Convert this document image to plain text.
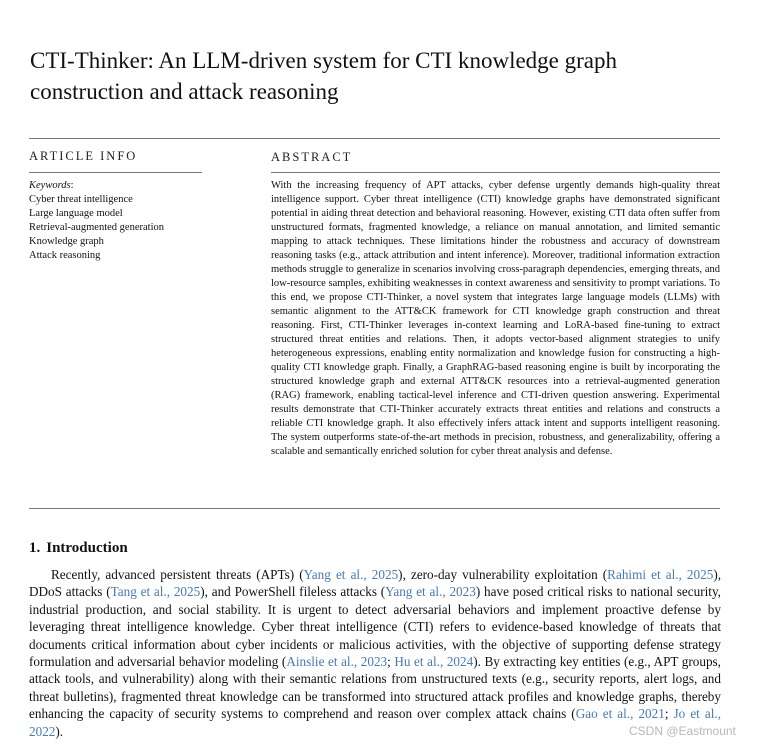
CTI-Thinker: An LLM-driven system for CTI knowledge graph
construction and attack reasoning
ARTICLE INFO	ABSTRACT
Keywords:
Cyber threat intelligence
Large language model
Retrieval-augmented generation
Knowledge graph
Attack reasoning
With the increasing frequency of APT attacks, cyber defense urgently demands high-quality threat intelligence support. Cyber threat intelligence (CTI) knowledge graphs have demonstrated significant potential in aiding threat detection and behavioral reasoning. However, existing CTI data often suffer from unstructured formats, fragmented knowledge, a reliance on manual annotation, and limited semantic mapping to attack techniques. These limitations hinder the robustness and accuracy of downstream reasoning tasks (e.g., attack attribution and intent inference). Moreover, traditional information extraction methods struggle to generalize in scenarios involving cross-paragraph dependencies, emerging threats, and low-resource samples, exhibiting weaknesses in context awareness and sensitivity to prompt variations. To this end, we propose CTI-Thinker, a novel system that integrates large language models (LLMs) with semantic alignment to the ATT&CK framework for CTI knowledge graph construction and threat reasoning. First, CTI-Thinker leverages in-context learning and LoRA-based fine-tuning to extract structured threat entities and relations. Then, it adopts vector-based alignment strategies to unify heterogeneous expressions, enabling entity normalization and knowledge fusion for constructing a high-quality CTI knowledge graph. Finally, a GraphRAG-based reasoning engine is built by incorporating the structured knowledge graph and external ATT&CK resources into a retrieval-augmented generation (RAG) framework, enabling tactical-level inference and CTI-driven question answering. Experimental results demonstrate that CTI-Thinker accurately extracts threat entities and relations and constructs a reliable CTI knowledge graph. It also effectively infers attack intent and supports intelligent reasoning. The system outperforms state-of-the-art methods in precision, robustness, and generalizability, offering a scalable and semantically enriched solution for cyber threat analysis and defense.
1. Introduction
Recently, advanced persistent threats (APTs) (Yang et al., 2025), zero-day vulnerability exploitation (Rahimi et al., 2025), DDoS attacks (Tang et al., 2025), and PowerShell fileless attacks (Yang et al., 2023) have posed critical risks to national security, industrial production, and social stability. It is urgent to detect adversarial behaviors and implement proactive defense by leveraging threat intelligence knowledge. Cyber threat intelligence (CTI) refers to evidence-based knowledge of threats that documents critical information about cyber incidents or malicious activities, with the objective of supporting defense strategy formulation and adversarial behavior modeling (Ainslie et al., 2023; Hu et al., 2024). By extracting key entities (e.g., APT groups, attack tools, and vulnerability) along with their semantic relations from unstructured texts (e.g., security reports, alert logs, and threat bulletins), fragmented threat knowledge can be transformed into structured attack profiles and knowledge graphs, thereby enhancing the capacity of security systems to comprehend and reason over complex attack chains (Gao et al., 2021; Jo et al., 2022).	CSDN @Eastmount
